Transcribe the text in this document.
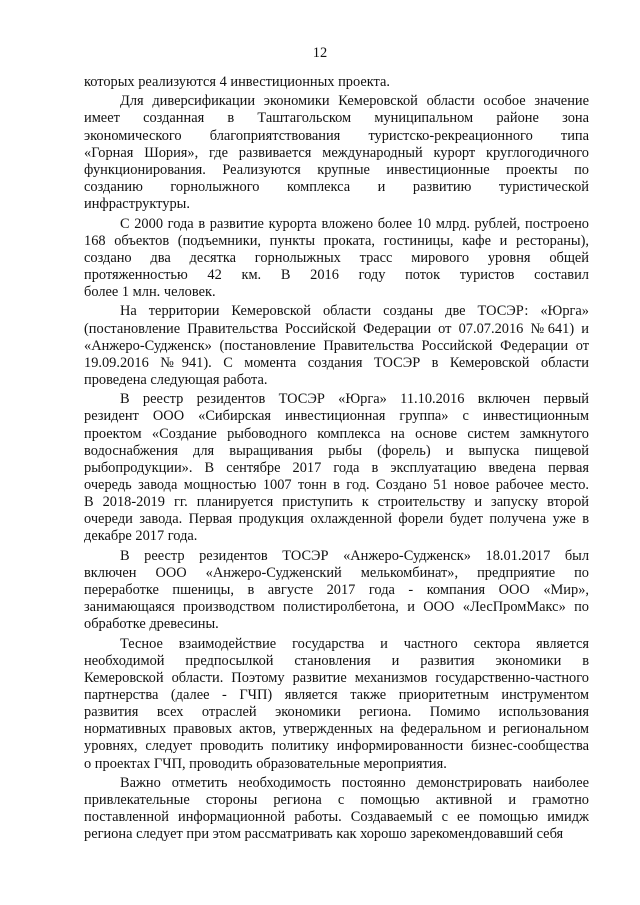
12
которых реализуются 4 инвестиционных проекта.
Для диверсификации экономики Кемеровской области особое значение
имеет созданная в Таштагольском муниципальном районе зона
экономического благоприятствования туристско-рекреационного типа
«Горная Шория», где развивается международный курорт круглогодичного
функционирования. Реализуются крупные инвестиционные проекты по
созданию горнолыжного комплекса и развитию туристической
инфраструктуры.
С 2000 года в развитие курорта вложено более 10 млрд. рублей, построено
168 объектов (подъемники, пункты проката, гостиницы, кафе и рестораны),
создано два десятка горнолыжных трасс мирового уровня общей
протяженностью 42 км. В 2016 году поток туристов составил
более 1 млн. человек.
На территории Кемеровской области созданы две ТОСЭР: «Юрга»
(постановление Правительства Российской Федерации от 07.07.2016 №641) и
«Анжеро-Судженск» (постановление Правительства Российской Федерации от
19.09.2016 №941). С момента создания ТОСЭР в Кемеровской области
проведена следующая работа.
В реестр резидентов ТОСЭР «Юрга» 11.10.2016 включен первый
резидент ООО «Сибирская инвестиционная группа» с инвестиционным
проектом «Создание рыбоводного комплекса на основе систем замкнутого
водоснабжения для выращивания рыбы (форель) и выпуска пищевой
рыбопродукции». В сентябре 2017 года в эксплуатацию введена первая
очередь завода мощностью 1007 тонн в год. Создано 51 новое рабочее место.
В 2018-2019 гг. планируется приступить к строительству и запуску второй
очереди завода. Первая продукция охлажденной форели будет получена уже в
декабре 2017 года.
В реестр резидентов ТОСЭР «Анжеро-Судженск» 18.01.2017 был
включен ООО «Анжеро-Судженский мелькомбинат», предприятие по
переработке пшеницы, в августе 2017 года - компания ООО «Мир»,
занимающаяся производством полистиролбетона, и ООО «ЛесПромМакс» по
обработке древесины.
Тесное взаимодействие государства и частного сектора является
необходимой предпосылкой становления и развития экономики в
Кемеровской области. Поэтому развитие механизмов государственно-частного
партнерства (далее - ГЧП) является также приоритетным инструментом
развития всех отраслей экономики региона. Помимо использования
нормативных правовых актов, утвержденных на федеральном и региональном
уровнях, следует проводить политику информированности бизнес-сообщества
о проектах ГЧП, проводить образовательные мероприятия.
Важно отметить необходимость постоянно демонстрировать наиболее
привлекательные стороны региона с помощью активной и грамотно
поставленной информационной работы. Создаваемый с ее помощью имидж
региона следует при этом рассматривать как хорошо зарекомендовавший себя
